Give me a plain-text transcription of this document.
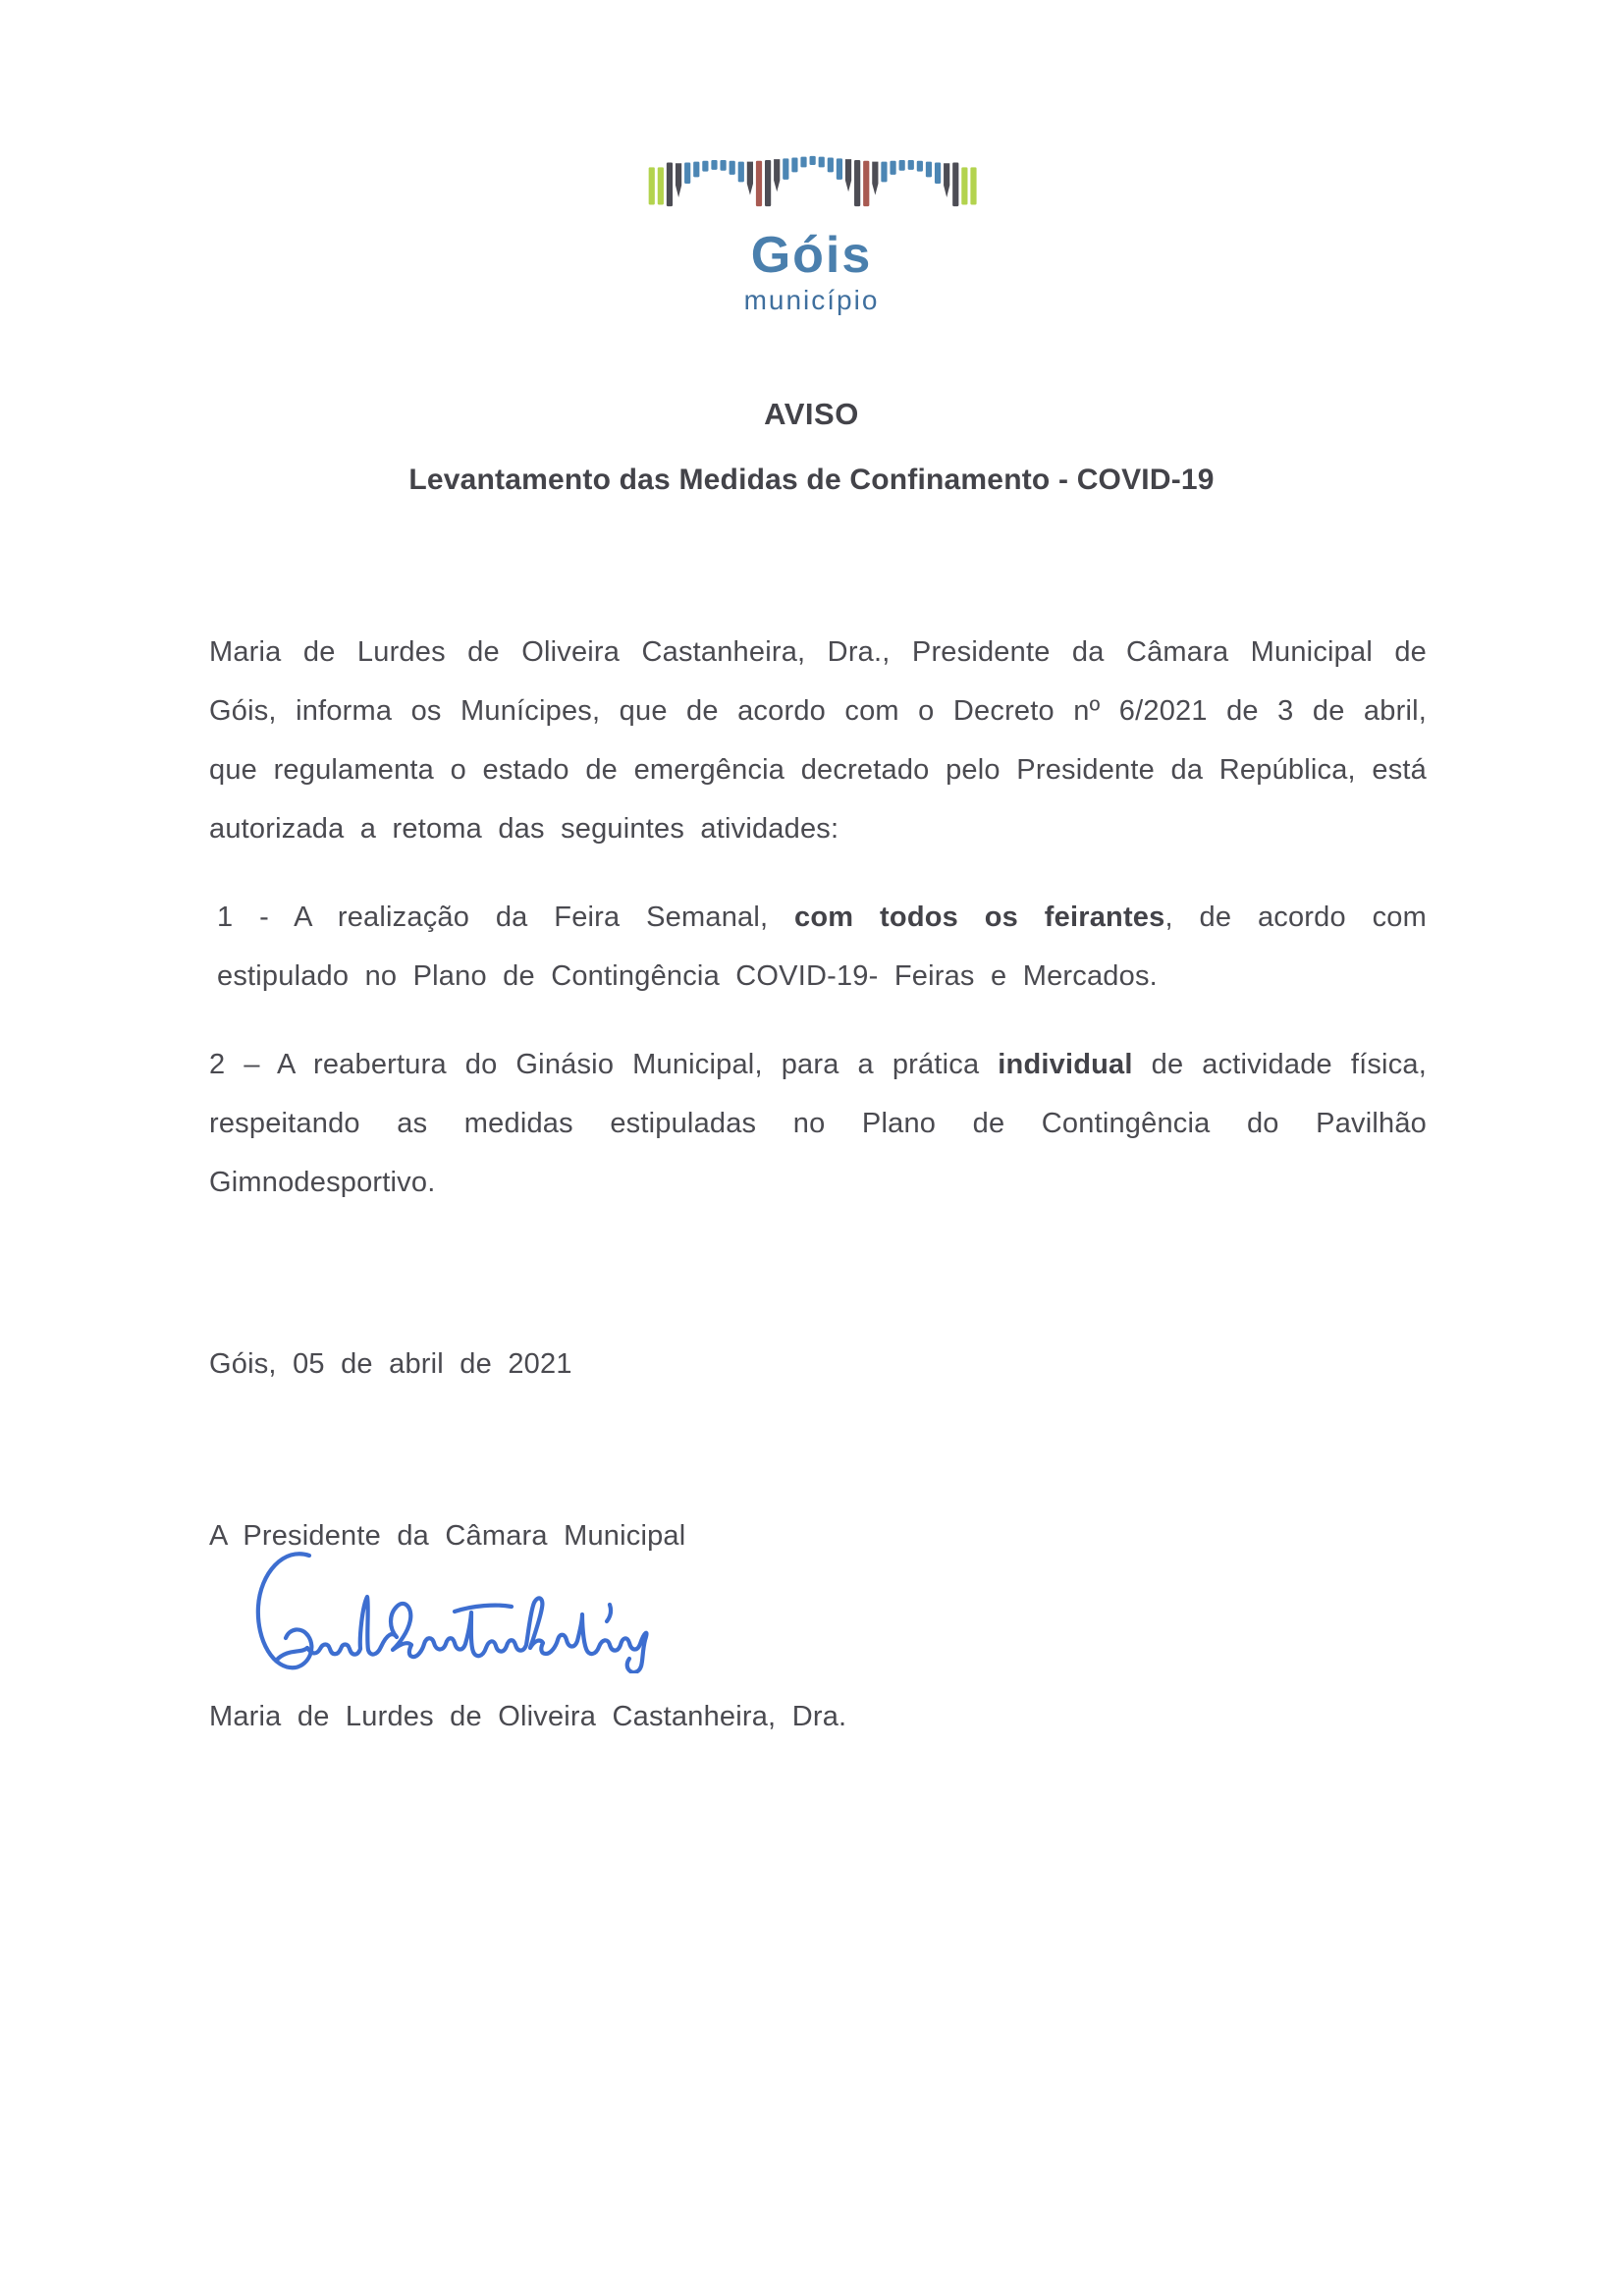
Góis
município
AVISO
Levantamento das Medidas de Confinamento - COVID-19

Maria de Lurdes de Oliveira Castanheira, Dra., Presidente da Câmara Municipal de Góis, informa os Munícipes, que de acordo com o Decreto nº 6/2021 de 3 de abril, que regulamenta o estado de emergência decretado pelo Presidente da República, está autorizada a retoma das seguintes atividades:

1 - A realização da Feira Semanal, com todos os feirantes, de acordo com estipulado no Plano de Contingência COVID-19- Feiras e Mercados.

2 – A reabertura do Ginásio Municipal, para a prática individual de actividade física, respeitando as medidas estipuladas no Plano de Contingência do Pavilhão Gimnodesportivo.

Góis, 05 de abril de 2021

A Presidente da Câmara Municipal

Maria de Lurdes de Oliveira Castanheira, Dra.
